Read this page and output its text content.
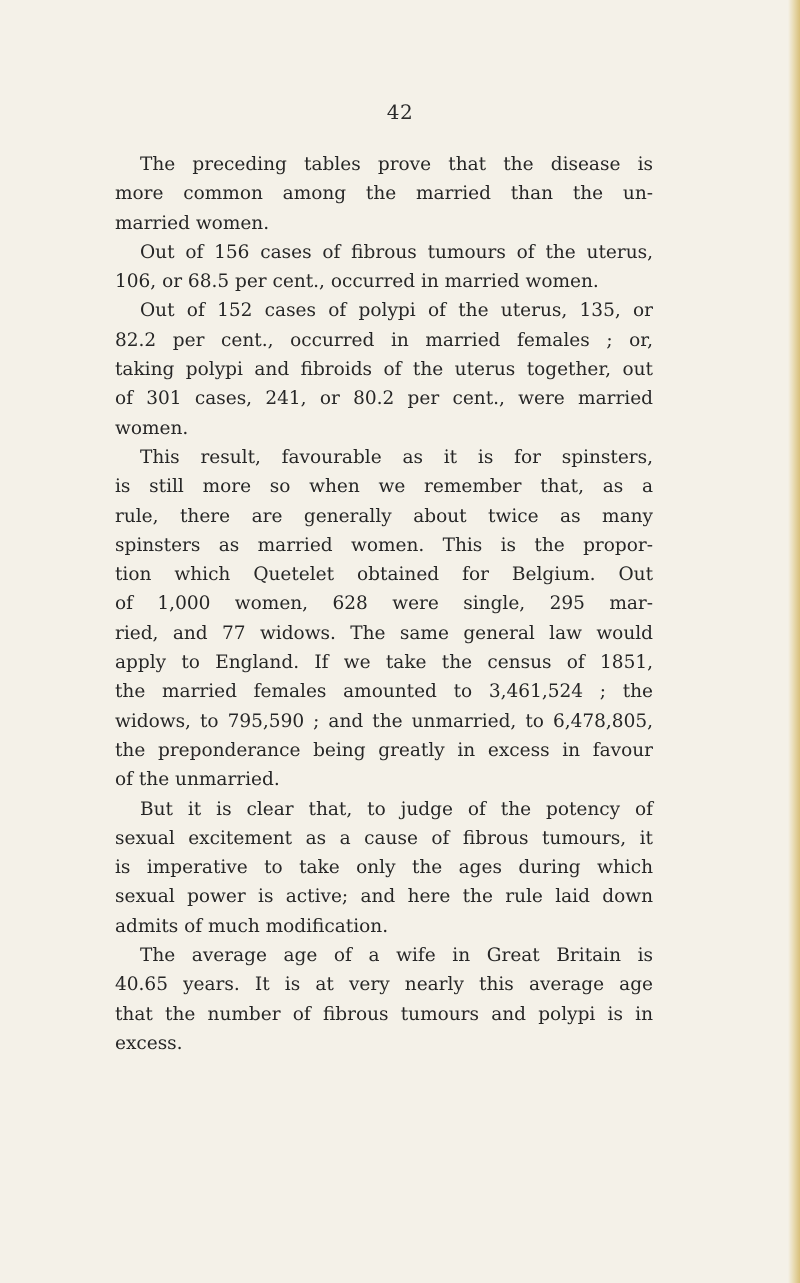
42
The preceding tables prove that the disease is
more common among the married than the un-
married women.
Out of 156 cases of fibrous tumours of the uterus,
106, or 68.5 per cent., occurred in married women.
Out of 152 cases of polypi of the uterus, 135, or
82.2 per cent., occurred in married females ; or,
taking polypi and fibroids of the uterus together, out
of 301 cases, 241, or 80.2 per cent., were married
women.
This result, favourable as it is for spinsters,
is still more so when we remember that, as a
rule, there are generally about twice as many
spinsters as married women. This is the propor-
tion which Quetelet obtained for Belgium. Out
of 1,000 women, 628 were single, 295 mar-
ried, and 77 widows. The same general law would
apply to England. If we take the census of 1851,
the married females amounted to 3,461,524 ; the
widows, to 795,590 ; and the unmarried, to 6,478,805,
the preponderance being greatly in excess in favour
of the unmarried.
But it is clear that, to judge of the potency of
sexual excitement as a cause of fibrous tumours, it
is imperative to take only the ages during which
sexual power is active; and here the rule laid down
admits of much modification.
The average age of a wife in Great Britain is
40.65 years. It is at very nearly this average age
that the number of fibrous tumours and polypi is in
excess.
